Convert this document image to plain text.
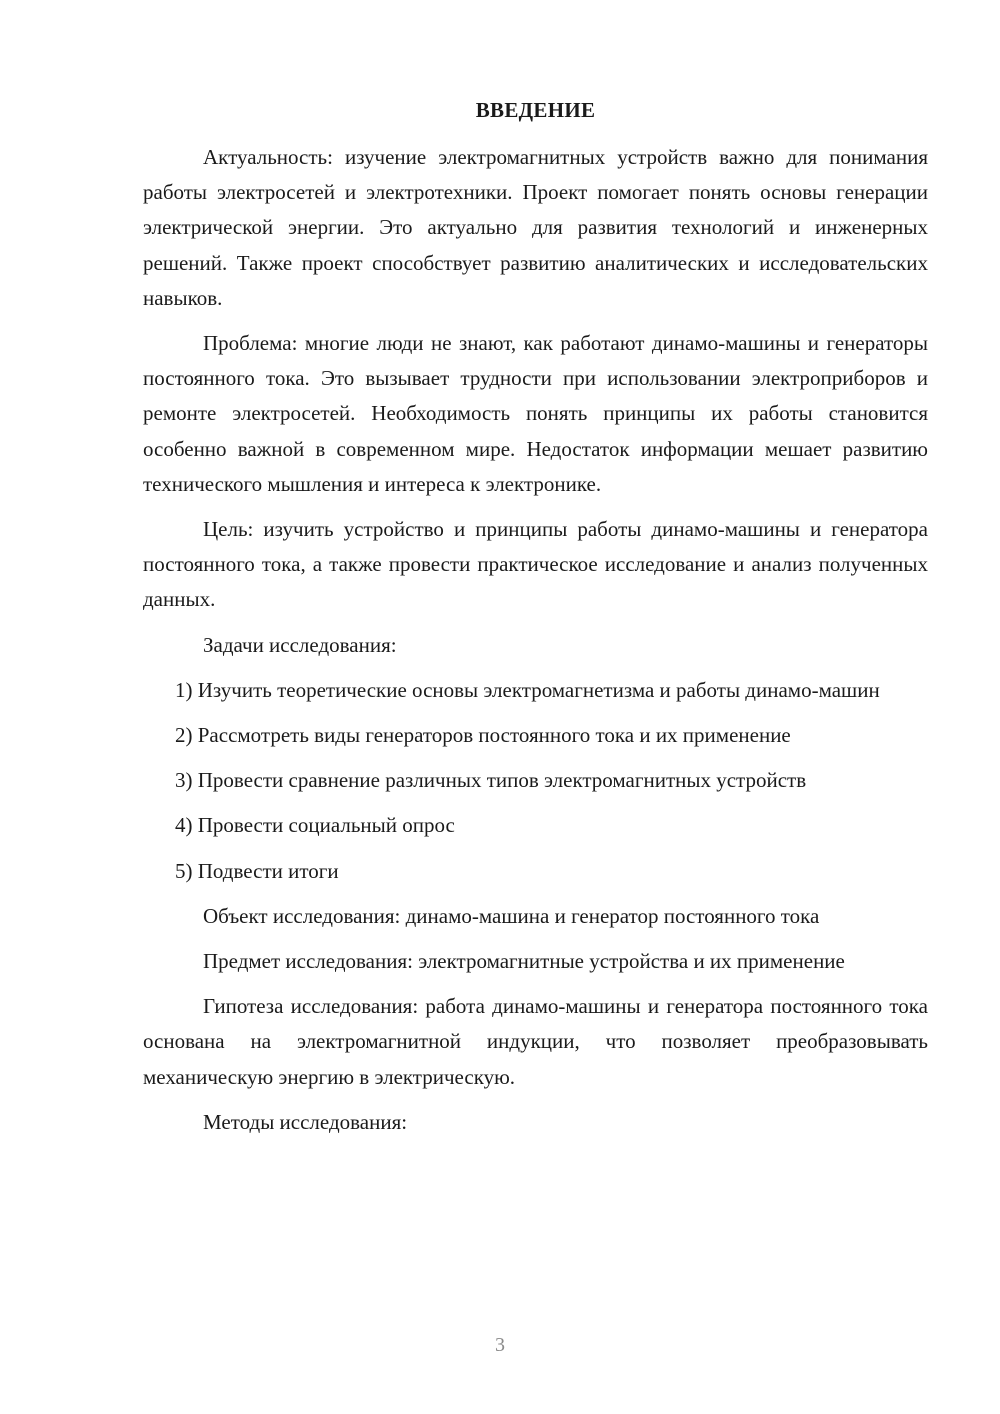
ВВЕДЕНИЕ

Актуальность: изучение электромагнитных устройств важно для понимания работы электросетей и электротехники. Проект помогает понять основы генерации электрической энергии. Это актуально для развития технологий и инженерных решений. Также проект способствует развитию аналитических и исследовательских навыков.

Проблема: многие люди не знают, как работают динамо-машины и генераторы постоянного тока. Это вызывает трудности при использовании электроприборов и ремонте электросетей. Необходимость понять принципы их работы становится особенно важной в современном мире. Недостаток информации мешает развитию технического мышления и интереса к электронике.

Цель: изучить устройство и принципы работы динамо-машины и генератора постоянного тока, а также провести практическое исследование и анализ полученных данных.

Задачи исследования:

1) Изучить теоретические основы электромагнетизма и работы динамо-машин

2) Рассмотреть виды генераторов постоянного тока и их применение

3) Провести сравнение различных типов электромагнитных устройств

4) Провести социальный опрос

5) Подвести итоги

Объект исследования: динамо-машина и генератор постоянного тока

Предмет исследования: электромагнитные устройства и их применение

Гипотеза исследования: работа динамо-машины и генератора постоянного тока основана на электромагнитной индукции, что позволяет преобразовывать механическую энергию в электрическую.

Методы исследования:

3
